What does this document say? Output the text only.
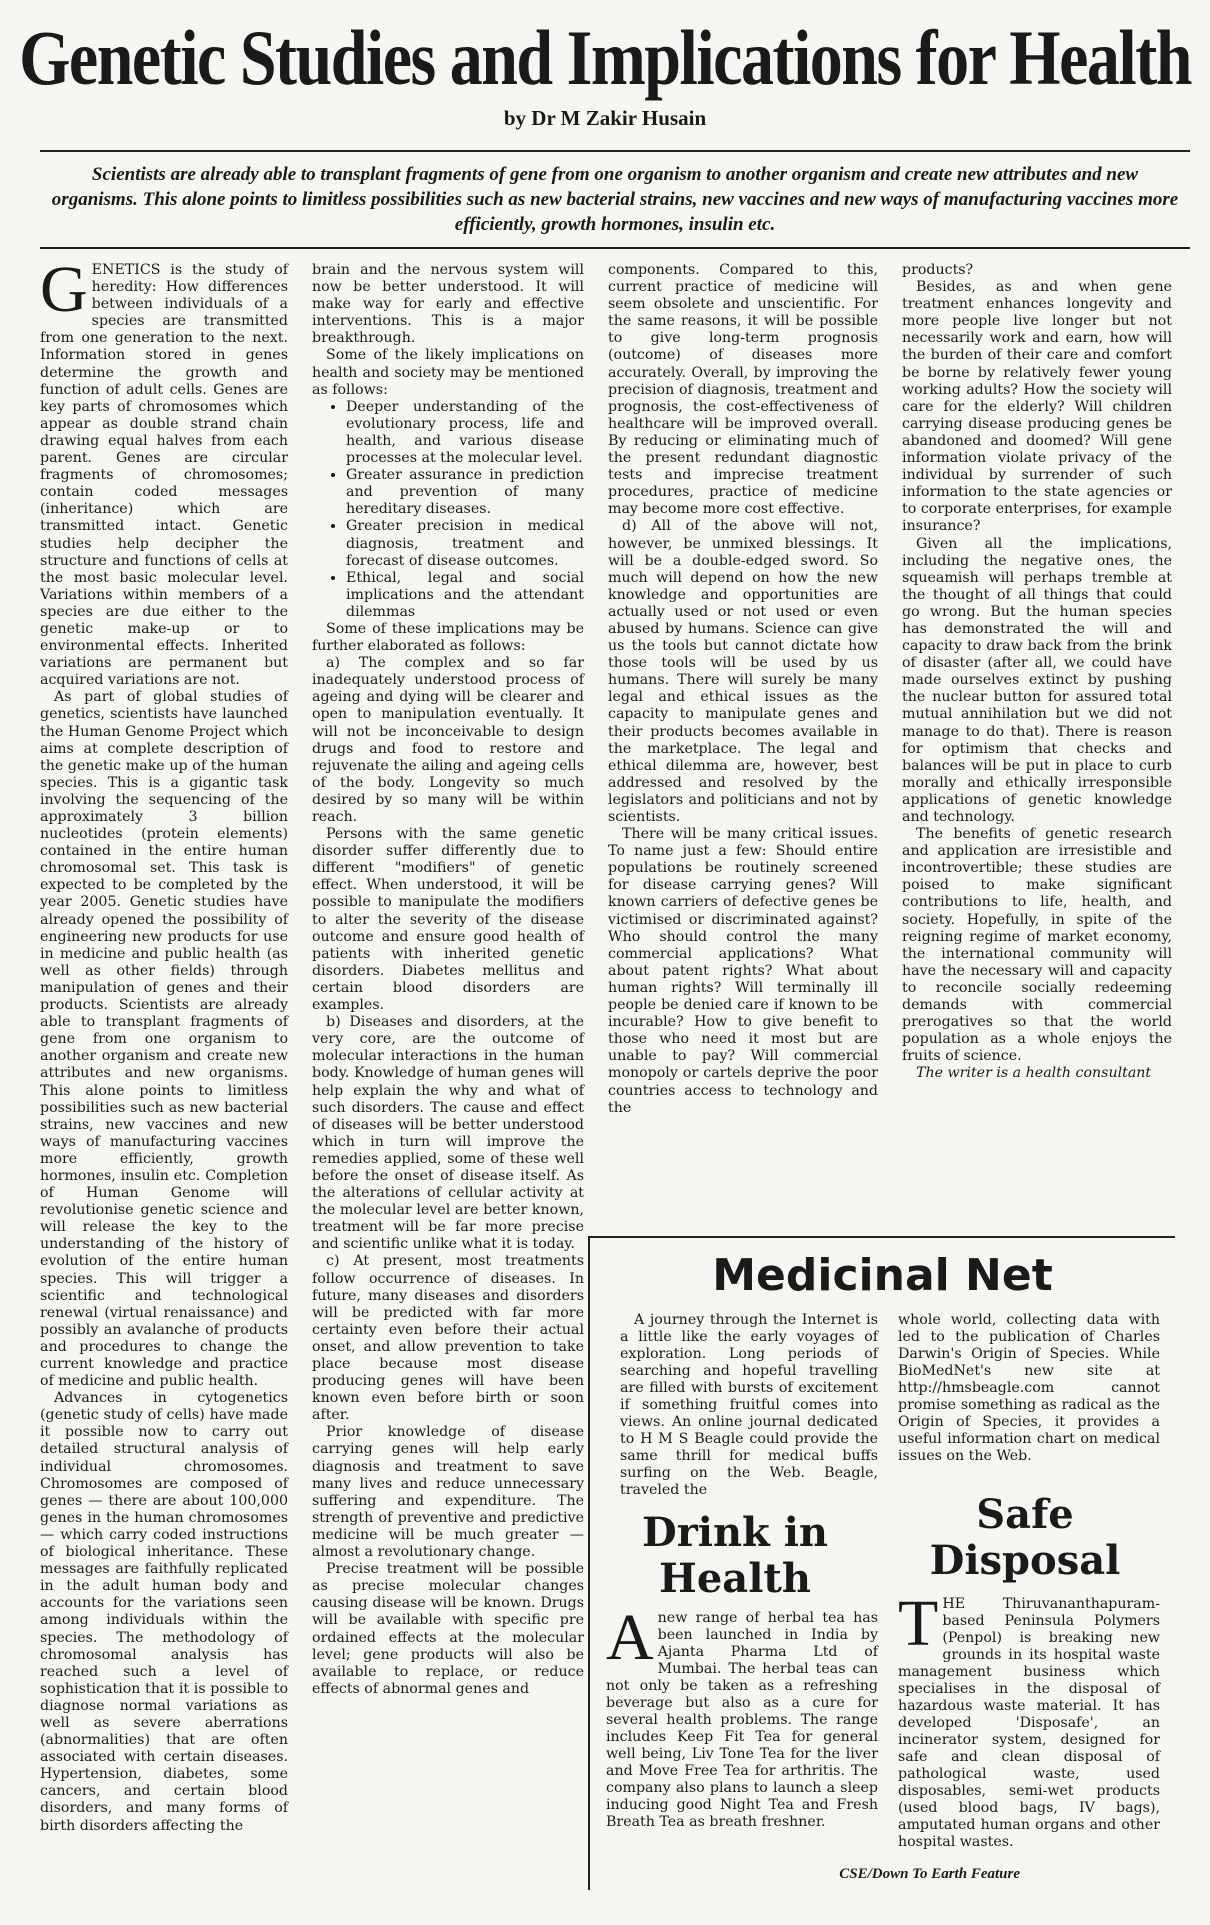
Genetic Studies and Implications for Health
by Dr M Zakir Husain
Scientists are already able to transplant fragments of gene from one organism to another organism and create new attributes and new organisms. This alone points to limitless possibilities such as new bacterial strains, new vaccines and new ways of manufacturing vaccines more efficiently, growth hormones, insulin etc.

GENETICS is the study of heredity: How differences between individuals of a species are transmitted from one generation to the next. Information stored in genes determine the growth and function of adult cells. Genes are key parts of chromosomes which appear as double strand chain drawing equal halves from each parent. Genes are circular fragments of chromosomes; contain coded messages (inheritance) which are transmitted intact. Genetic studies help decipher the structure and functions of cells at the most basic molecular level. Variations within members of a species are due either to the genetic make-up or to environmental effects. Inherited variations are permanent but acquired variations are not.

As part of global studies of genetics, scientists have launched the Human Genome Project which aims at complete description of the genetic make up of the human species. This is a gigantic task involving the sequencing of the approximately 3 billion nucleotides (protein elements) contained in the entire human chromosomal set. This task is expected to be completed by the year 2005. Genetic studies have already opened the possibility of engineering new products for use in medicine and public health (as well as other fields) through manipulation of genes and their products. Scientists are already able to transplant fragments of gene from one organism to another organism and create new attributes and new organisms. This alone points to limitless possibilities such as new bacterial strains, new vaccines and new ways of manufacturing vaccines more efficiently, growth hormones, insulin etc. Completion of Human Genome will revolutionise genetic science and will release the key to the understanding of the history of evolution of the entire human species. This will trigger a scientific and technological renewal (virtual renaissance) and possibly an avalanche of products and procedures to change the current knowledge and practice of medicine and public health.

Advances in cytogenetics (genetic study of cells) have made it possible now to carry out detailed structural analysis of individual chromosomes. Chromosomes are composed of genes — there are about 100,000 genes in the human chromosomes — which carry coded instructions of biological inheritance. These messages are faithfully replicated in the adult human body and accounts for the variations seen among individuals within the species. The methodology of chromosomal analysis has reached such a level of sophistication that it is possible to diagnose normal variations as well as severe aberrations (abnormalities) that are often associated with certain diseases. Hypertension, diabetes, some cancers, and certain blood disorders, and many forms of birth disorders affecting the

brain and the nervous system will now be better understood. It will make way for early and effective interventions. This is a major breakthrough.

Some of the likely implications on health and society may be mentioned as follows:

• Deeper understanding of the evolutionary process, life and health, and various disease processes at the molecular level.
• Greater assurance in prediction and prevention of many hereditary diseases.
• Greater precision in medical diagnosis, treatment and forecast of disease outcomes.
• Ethical, legal and social implications and the attendant dilemmas

Some of these implications may be further elaborated as follows:

a) The complex and so far inadequately understood process of ageing and dying will be clearer and open to manipulation eventually. It will not be inconceivable to design drugs and food to restore and rejuvenate the ailing and ageing cells of the body. Longevity so much desired by so many will be within reach.

Persons with the same genetic disorder suffer differently due to different "modifiers" of genetic effect. When understood, it will be possible to manipulate the modifiers to alter the severity of the disease outcome and ensure good health of patients with inherited genetic disorders. Diabetes mellitus and certain blood disorders are examples.

b) Diseases and disorders, at the very core, are the outcome of molecular interactions in the human body. Knowledge of human genes will help explain the why and what of such disorders. The cause and effect of diseases will be better understood which in turn will improve the remedies applied, some of these well before the onset of disease itself. As the alterations of cellular activity at the molecular level are better known, treatment will be far more precise and scientific unlike what it is today.

c) At present, most treatments follow occurrence of diseases. In future, many diseases and disorders will be predicted with far more certainty even before their actual onset, and allow prevention to take place because most disease producing genes will have been known even before birth or soon after.

Prior knowledge of disease carrying genes will help early diagnosis and treatment to save many lives and reduce unnecessary suffering and expenditure. The strength of preventive and predictive medicine will be much greater — almost a revolutionary change.

Precise treatment will be possible as precise molecular changes causing disease will be known. Drugs will be available with specific pre ordained effects at the molecular level; gene products will also be available to replace, or reduce effects of abnormal genes and

components. Compared to this, current practice of medicine will seem obsolete and unscientific. For the same reasons, it will be possible to give long-term prognosis (outcome) of diseases more accurately. Overall, by improving the precision of diagnosis, treatment and prognosis, the cost-effectiveness of healthcare will be improved overall. By reducing or eliminating much of the present redundant diagnostic tests and imprecise treatment procedures, practice of medicine may become more cost effective.

d) All of the above will not, however, be unmixed blessings. It will be a double-edged sword. So much will depend on how the new knowledge and opportunities are actually used or not used or even abused by humans. Science can give us the tools but cannot dictate how those tools will be used by us humans. There will surely be many legal and ethical issues as the capacity to manipulate genes and their products becomes available in the marketplace. The legal and ethical dilemma are, however, best addressed and resolved by the legislators and politicians and not by scientists.

There will be many critical issues. To name just a few: Should entire populations be routinely screened for disease carrying genes? Will known carriers of defective genes be victimised or discriminated against? Who should control the many commercial applications? What about patent rights? What about human rights? Will terminally ill people be denied care if known to be incurable? How to give benefit to those who need it most but are unable to pay? Will commercial monopoly or cartels deprive the poor countries access to technology and the

products?

Besides, as and when gene treatment enhances longevity and more people live longer but not necessarily work and earn, how will the burden of their care and comfort be borne by relatively fewer young working adults? How the society will care for the elderly? Will children carrying disease producing genes be abandoned and doomed? Will gene information violate privacy of the individual by surrender of such information to the state agencies or to corporate enterprises, for example insurance?

Given all the implications, including the negative ones, the squeamish will perhaps tremble at the thought of all things that could go wrong. But the human species has demonstrated the will and capacity to draw back from the brink of disaster (after all, we could have made ourselves extinct by pushing the nuclear button for assured total mutual annihilation but we did not manage to do that). There is reason for optimism that checks and balances will be put in place to curb morally and ethically irresponsible applications of genetic knowledge and technology.

The benefits of genetic research and application are irresistible and incontrovertible; these studies are poised to make significant contributions to life, health, and society. Hopefully, in spite of the reigning regime of market economy, the international community will have the necessary will and capacity to reconcile socially redeeming demands with commercial prerogatives so that the world population as a whole enjoys the fruits of science.

The writer is a health consultant

Medicinal Net

A journey through the Internet is a little like the early voyages of exploration. Long periods of searching and hopeful travelling are filled with bursts of excitement if something fruitful comes into views. An online journal dedicated to H M S Beagle could provide the same thrill for medical buffs surfing on the Web. Beagle, traveled the

whole world, collecting data with led to the publication of Charles Darwin's Origin of Species. While BioMedNet's new site at http://hmsbeagle.com cannot promise something as radical as the Origin of Species, it provides a useful information chart on medical issues on the Web.

Drink in Health

Anew range of herbal tea has been launched in India by Ajanta Pharma Ltd of Mumbai. The herbal teas can not only be taken as a refreshing beverage but also as a cure for several health problems. The range includes Keep Fit Tea for general well being, Liv Tone Tea for the liver and Move Free Tea for arthritis. The company also plans to launch a sleep inducing good Night Tea and Fresh Breath Tea as breath freshner.

Safe Disposal

THE Thiruvananthapuram-based Peninsula Polymers (Penpol) is breaking new grounds in its hospital waste management business which specialises in the disposal of hazardous waste material. It has developed 'Disposafe', an incinerator system, designed for safe and clean disposal of pathological waste, used disposables, semi-wet products (used blood bags, IV bags), amputated human organs and other hospital wastes.

CSE/Down To Earth Feature
